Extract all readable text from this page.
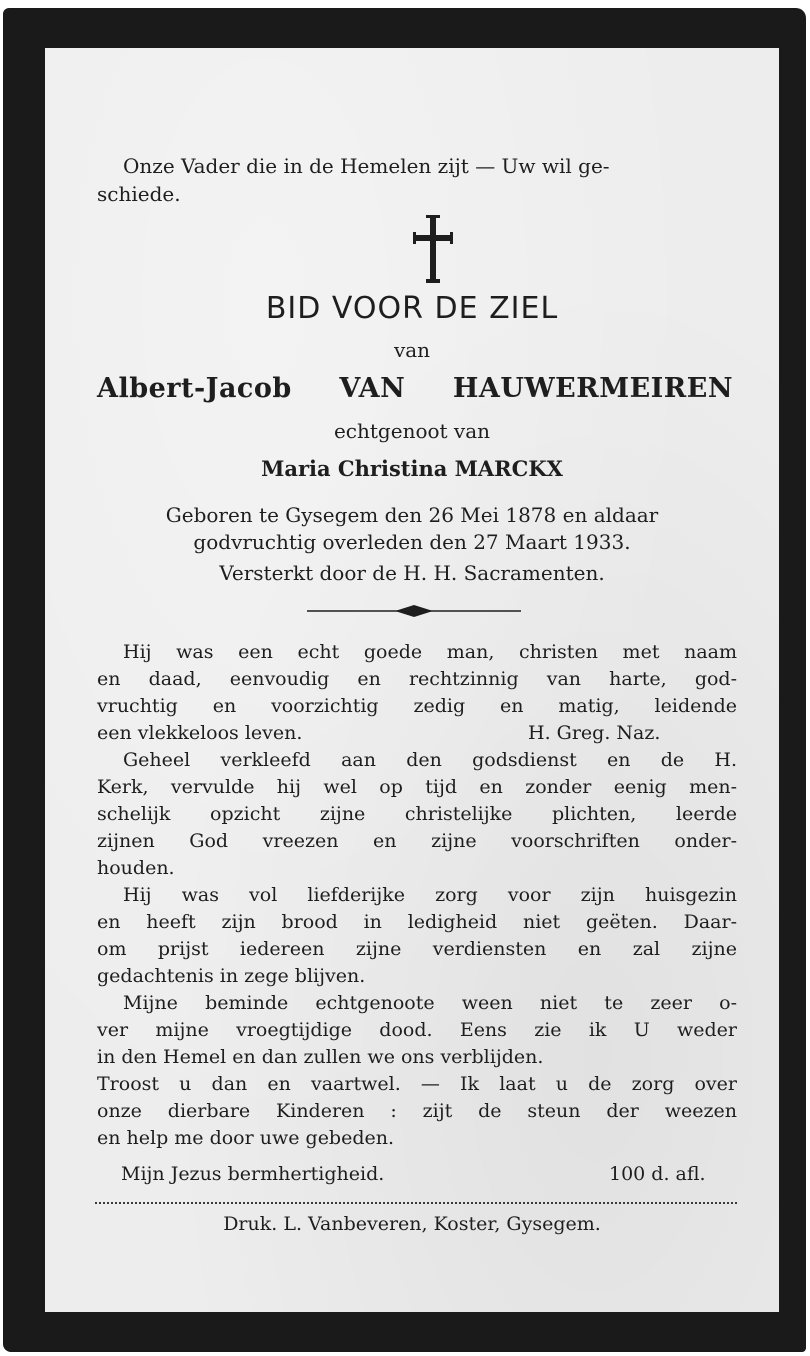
Onze Vader die in de Hemelen zijt — Uw wil ge-
schiede.
BID VOOR DE ZIEL
van
Albert-Jacob VAN HAUWERMEIREN
echtgenoot van
Maria Christina MARCKX
Geboren te Gysegem den 26 Mei 1878 en aldaar
godvruchtig overleden den 27 Maart 1933.
Versterkt door de H. H. Sacramenten.
Hij was een echt goede man, christen met naam
en daad, eenvoudig en rechtzinnig van harte, god-
vruchtig en voorzichtig zedig en matig, leidende
een vlekkeloos leven.	H. Greg. Naz.
Geheel verkleefd aan den godsdienst en de H.
Kerk, vervulde hij wel op tijd en zonder eenig men-
schelijk opzicht zijne christelijke plichten, leerde
zijnen God vreezen en zijne voorschriften onder-
houden.
Hij was vol liefderijke zorg voor zijn huisgezin
en heeft zijn brood in ledigheid niet geëten. Daar-
om prijst iedereen zijne verdiensten en zal zijne
gedachtenis in zege blijven.
Mijne beminde echtgenoote ween niet te zeer o-
ver mijne vroegtijdige dood. Eens zie ik U weder
in den Hemel en dan zullen we ons verblijden.
Troost u dan en vaartwel. — Ik laat u de zorg over
onze dierbare Kinderen : zijt de steun der weezen
en help me door uwe gebeden.
Mijn Jezus bermhertigheid.	100 d. afl.
Druk. L. Vanbeveren, Koster, Gysegem.
